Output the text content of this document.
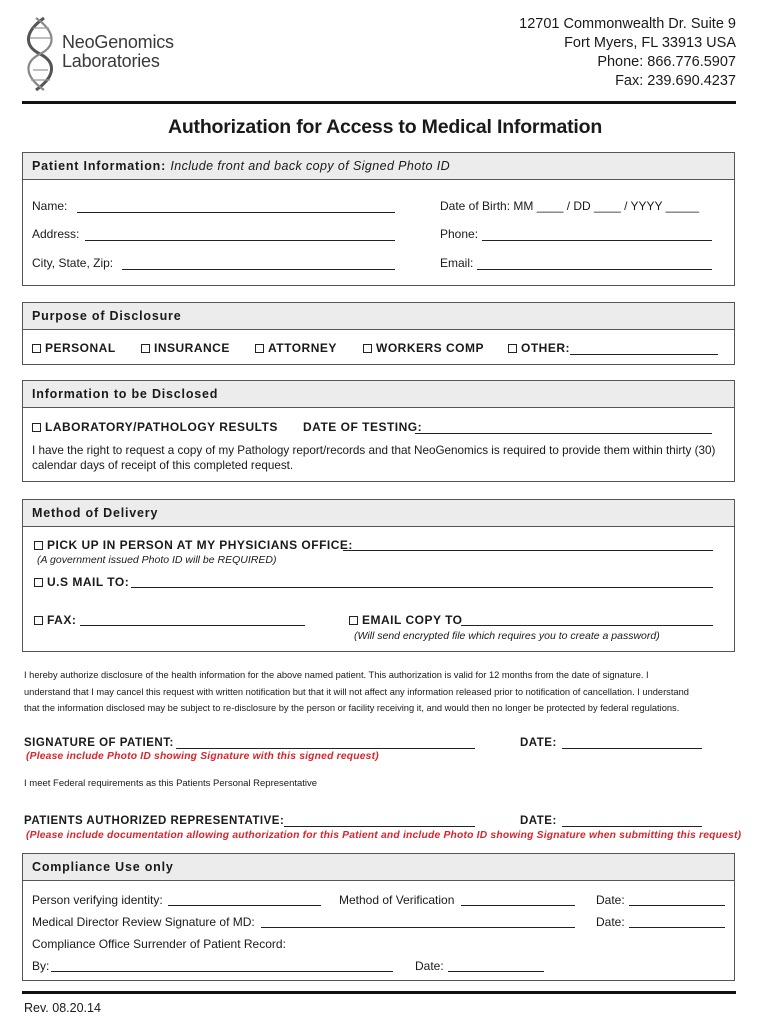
NeoGenomics
Laboratories
12701 Commonwealth Dr. Suite 9
Fort Myers, FL 33913 USA
Phone: 866.776.5907
Fax: 239.690.4237
Authorization for Access to Medical Information
Patient Information: Include front and back copy of Signed Photo ID
Name:	Date of Birth: MM ____ / DD ____ / YYYY _____
Address:	Phone:
City, State, Zip:	Email:
Purpose of Disclosure
PERSONAL	INSURANCE	ATTORNEY	WORKERS COMP	OTHER:
Information to be Disclosed
LABORATORY/PATHOLOGY RESULTS DATE OF TESTING:
I have the right to request a copy of my Pathology report/records and that NeoGenomics is required to provide them within thirty (30)
calendar days of receipt of this completed request.
Method of Delivery
PICK UP IN PERSON AT MY PHYSICIANS OFFICE:
(A government issued Photo ID will be REQUIRED)
U.S MAIL TO:
FAX:	EMAIL COPY TO
(Will send encrypted file which requires you to create a password)
I hereby authorize disclosure of the health information for the above named patient. This authorization is valid for 12 months from the date of signature. I
understand that I may cancel this request with written notification but that it will not affect any information released prior to notification of cancellation. I understand
that the information disclosed may be subject to re-disclosure by the person or facility receiving it, and would then no longer be protected by federal regulations.
SIGNATURE OF PATIENT:	DATE:
(Please include Photo ID showing Signature with this signed request)
I meet Federal requirements as this Patients Personal Representative
PATIENTS AUTHORIZED REPRESENTATIVE:	DATE:
(Please include documentation allowing authorization for this Patient and include Photo ID showing Signature when submitting this request)
Compliance Use only
Person verifying identity:	Method of Verification	Date:
Medical Director Review Signature of MD:	Date:
Compliance Office Surrender of Patient Record:
By:	Date:
Rev. 08.20.14
